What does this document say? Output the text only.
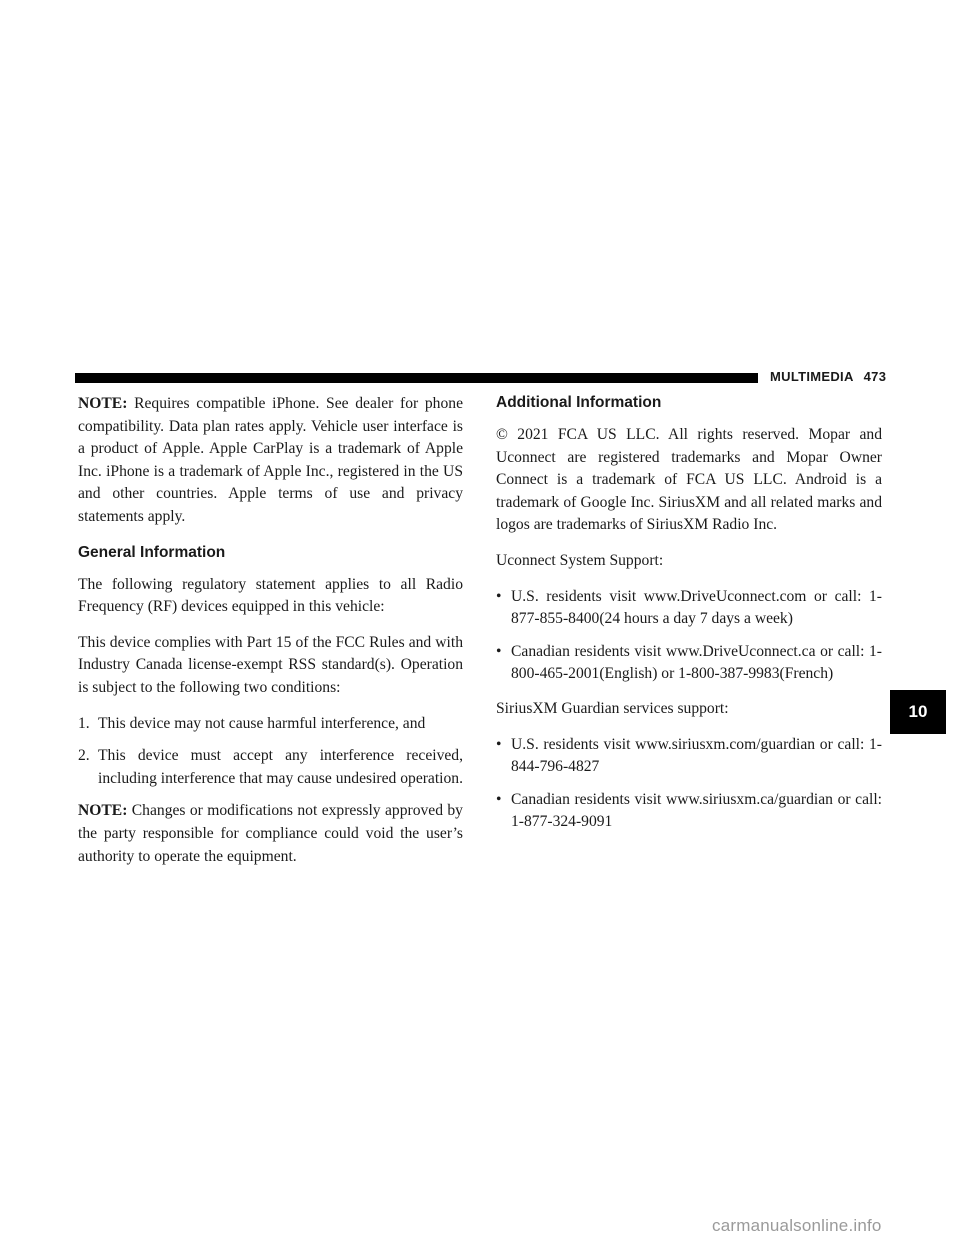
MULTIMEDIA 473
10

NOTE: Requires compatible iPhone. See dealer for phone compatibility. Data plan rates apply. Vehicle user interface is a product of Apple. Apple CarPlay is a trademark of Apple Inc. iPhone is a trademark of Apple Inc., registered in the US and other countries. Apple terms of use and privacy statements apply.

General Information

The following regulatory statement applies to all Radio Frequency (RF) devices equipped in this vehicle:

This device complies with Part 15 of the FCC Rules and with Industry Canada license-exempt RSS standard(s). Operation is subject to the following two conditions:

1. This device may not cause harmful interference, and
2. This device must accept any interference received, including interference that may cause undesired operation.

NOTE: Changes or modifications not expressly approved by the party responsible for compliance could void the user’s authority to operate the equipment.

Additional Information

© 2021 FCA US LLC. All rights reserved. Mopar and Uconnect are registered trademarks and Mopar Owner Connect is a trademark of FCA US LLC. Android is a trademark of Google Inc. SiriusXM and all related marks and logos are trademarks of SiriusXM Radio Inc.

Uconnect System Support:

• U.S. residents visit www.DriveUconnect.com or call: 1-877-855-8400(24 hours a day 7 days a week)
• Canadian residents visit www.DriveUconnect.ca or call: 1-800-465-2001(English) or 1-800-387-9983(French)

SiriusXM Guardian services support:

• U.S. residents visit www.siriusxm.com/guardian or call: 1-844-796-4827
• Canadian residents visit www.siriusxm.ca/guardian or call: 1-877-324-9091
carmanualsonline.info
